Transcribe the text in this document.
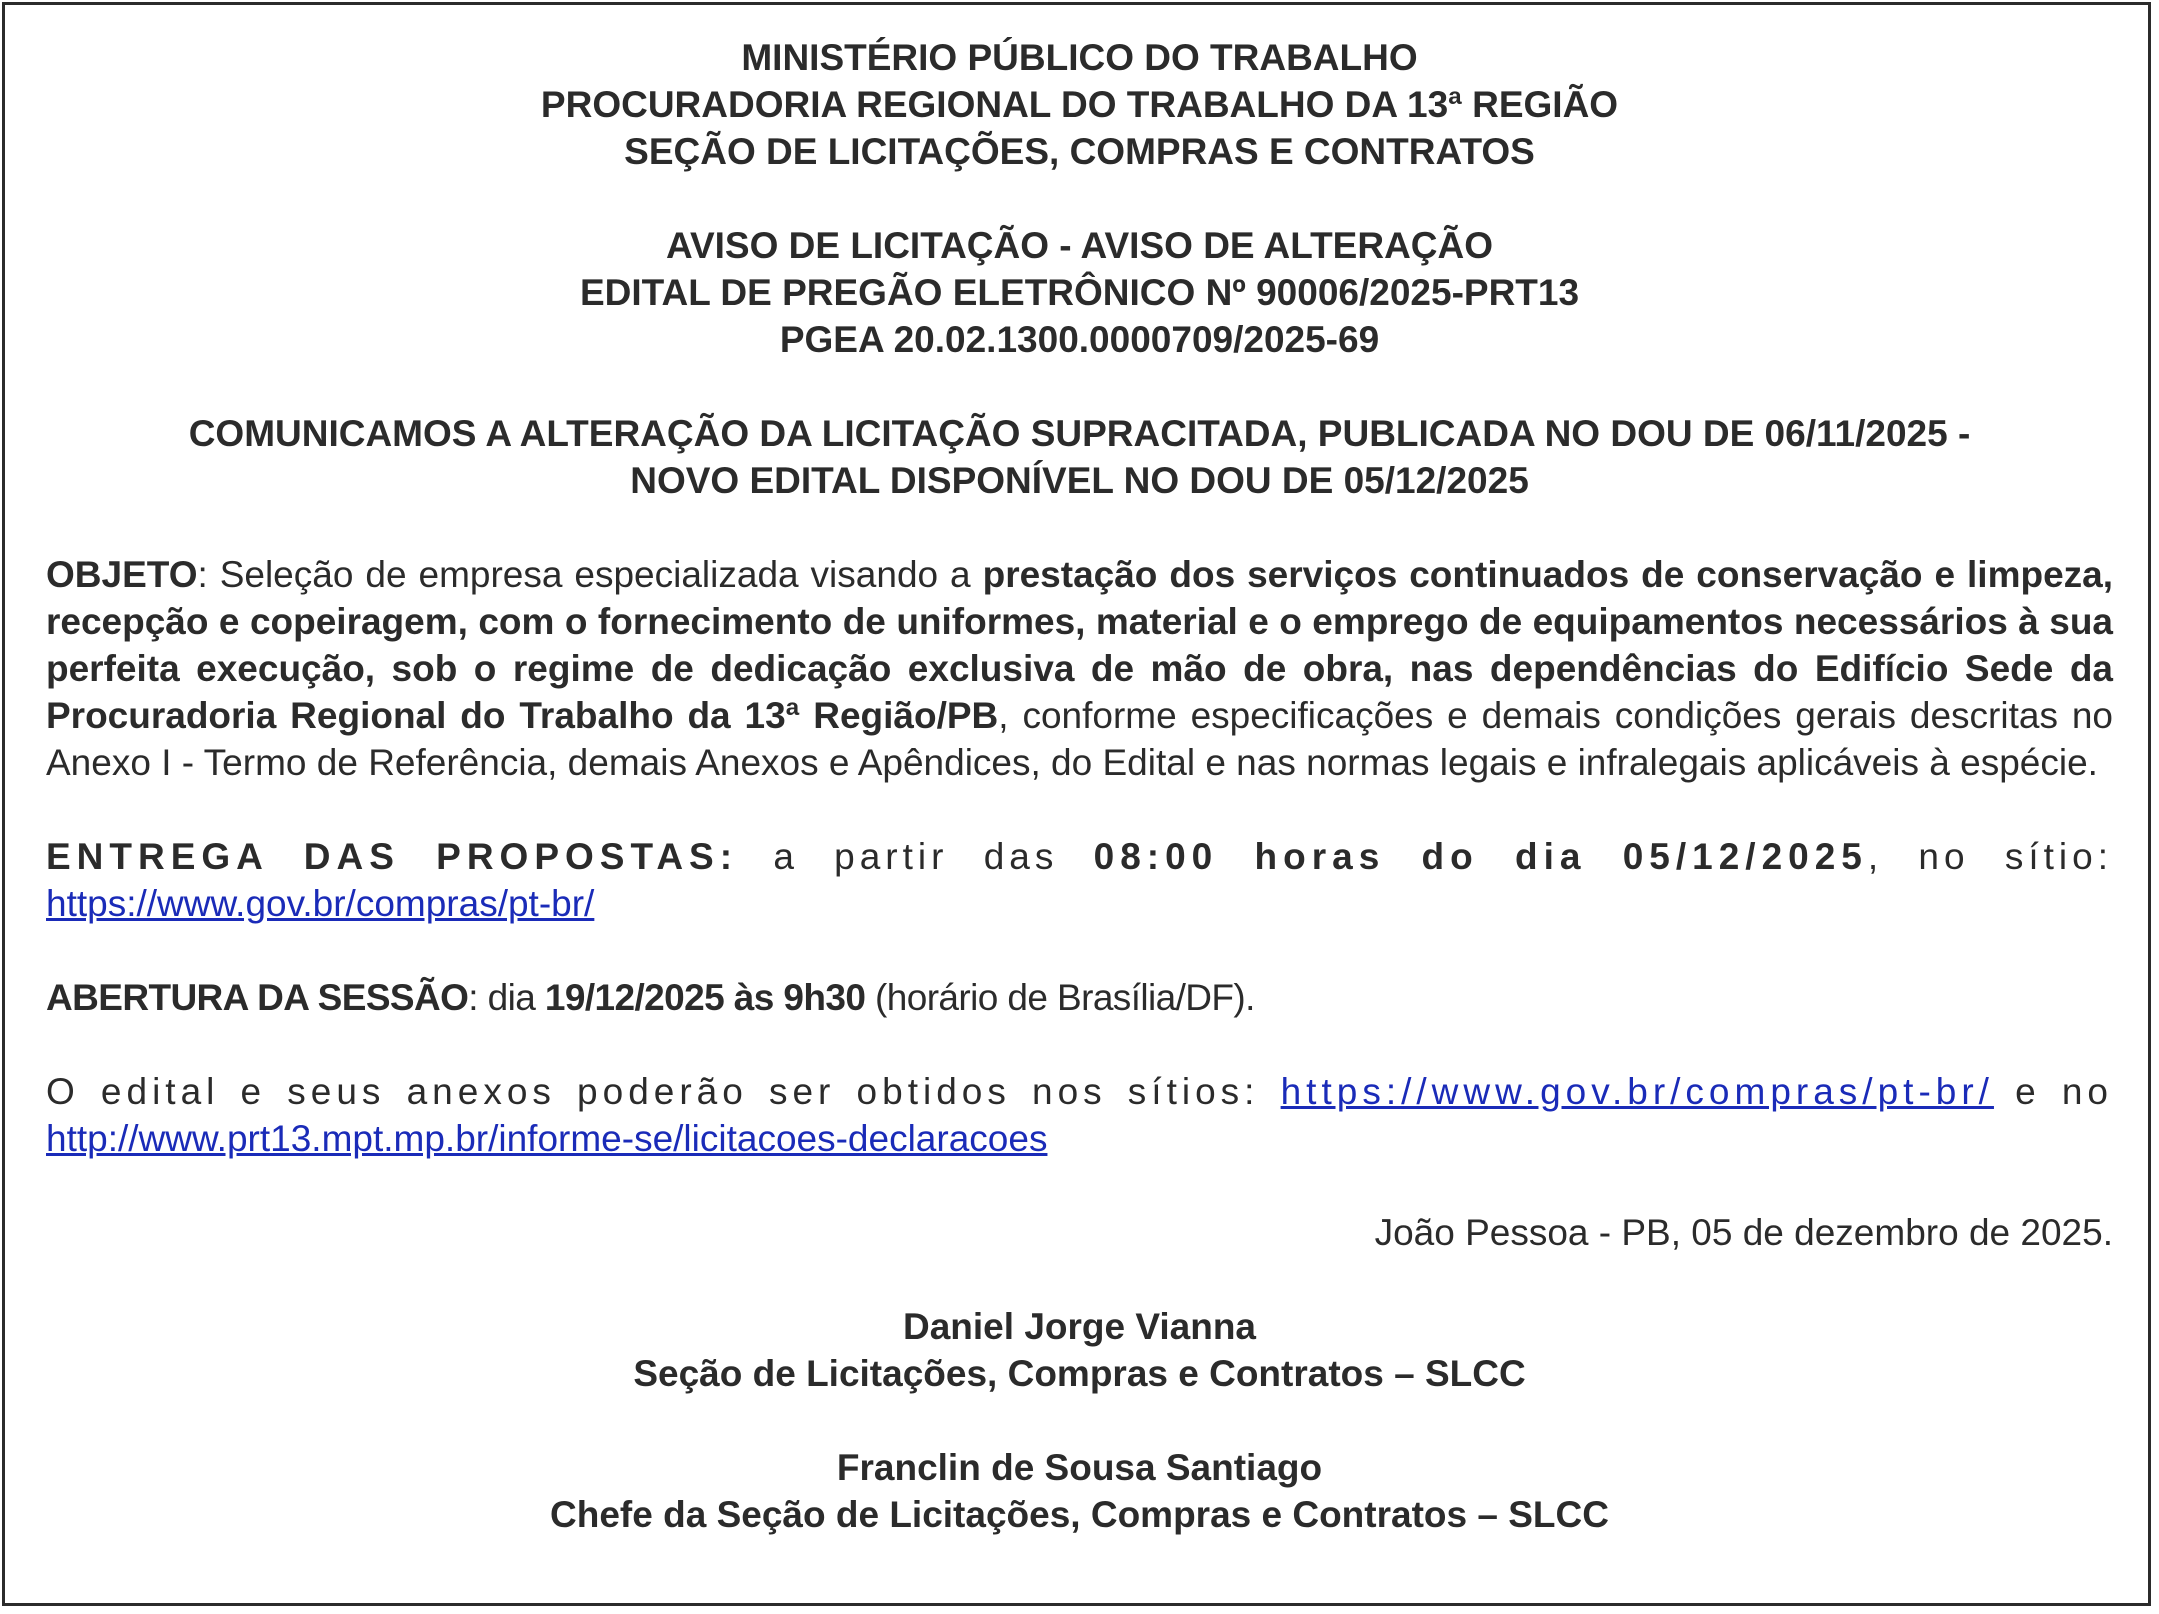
MINISTÉRIO PÚBLICO DO TRABALHO
PROCURADORIA REGIONAL DO TRABALHO DA 13ª REGIÃO
SEÇÃO DE LICITAÇÕES, COMPRAS E CONTRATOS
AVISO DE LICITAÇÃO - AVISO DE ALTERAÇÃO
EDITAL DE PREGÃO ELETRÔNICO Nº 90006/2025-PRT13
PGEA 20.02.1300.0000709/2025-69
COMUNICAMOS A ALTERAÇÃO DA LICITAÇÃO SUPRACITADA, PUBLICADA NO DOU DE 06/11/2025 -
NOVO EDITAL DISPONÍVEL NO DOU DE 05/12/2025
OBJETO: Seleção de empresa especializada visando a prestação dos serviços continuados de conservação e limpeza, recepção e copeiragem, com o fornecimento de uniformes, material e o emprego de equipamentos necessários à sua perfeita execução, sob o regime de dedicação exclusiva de mão de obra, nas dependências do Edifício Sede da Procuradoria Regional do Trabalho da 13ª Região/PB, conforme especificações e demais condições gerais descritas no Anexo I - Termo de Referência, demais Anexos e Apêndices, do Edital e nas normas legais e infralegais aplicáveis à espécie.
ENTREGA DAS PROPOSTAS: a partir das 08:00 horas do dia 05/12/2025, no sítio:
https://www.gov.br/compras/pt-br/
ABERTURA DA SESSÃO: dia 19/12/2025 às 9h30 (horário de Brasília/DF).
O edital e seus anexos poderão ser obtidos nos sítios: https://www.gov.br/compras/pt-br/ e no
http://www.prt13.mpt.mp.br/informe-se/licitacoes-declaracoes
João Pessoa - PB, 05 de dezembro de 2025.
Daniel Jorge Vianna
Seção de Licitações, Compras e Contratos – SLCC
Franclin de Sousa Santiago
Chefe da Seção de Licitações, Compras e Contratos – SLCC
